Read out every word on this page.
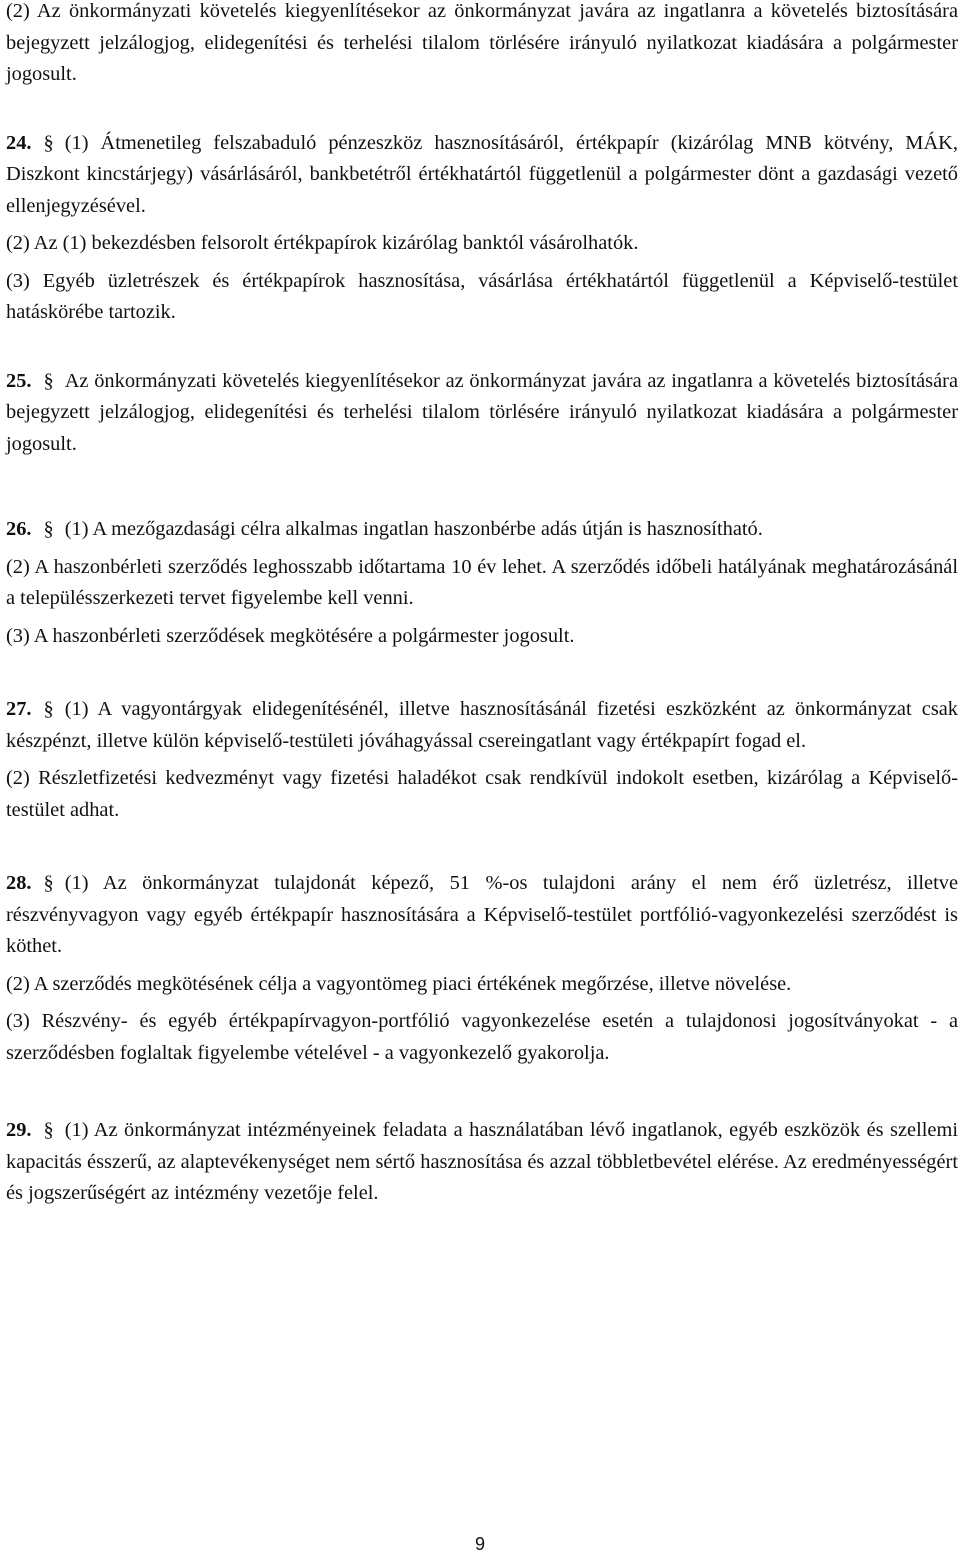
(2) Az önkormányzati követelés kiegyenlítésekor az önkormányzat javára az ingatlanra a követelés biztosítására bejegyzett jelzálogjog, elidegenítési és terhelési tilalom törlésére irányuló nyilatkozat kiadására a polgármester jogosult.

24. § (1) Átmenetileg felszabaduló pénzeszköz hasznosításáról, értékpapír (kizárólag MNB kötvény, MÁK, Diszkont kincstárjegy) vásárlásáról, bankbetétről értékhatártól függetlenül a polgármester dönt a gazdasági vezető ellenjegyzésével.

(2) Az (1) bekezdésben felsorolt értékpapírok kizárólag banktól vásárolhatók.

(3) Egyéb üzletrészek és értékpapírok hasznosítása, vásárlása értékhatártól függetlenül a Képviselő-testület hatáskörébe tartozik.

25. § Az önkormányzati követelés kiegyenlítésekor az önkormányzat javára az ingatlanra a követelés biztosítására bejegyzett jelzálogjog, elidegenítési és terhelési tilalom törlésére irányuló nyilatkozat kiadására a polgármester jogosult.

26. § (1) A mezőgazdasági célra alkalmas ingatlan haszonbérbe adás útján is hasznosítható.

(2) A haszonbérleti szerződés leghosszabb időtartama 10 év lehet. A szerződés időbeli hatályának meghatározásánál a településszerkezeti tervet figyelembe kell venni.

(3) A haszonbérleti szerződések megkötésére a polgármester jogosult.

27. § (1) A vagyontárgyak elidegenítésénél, illetve hasznosításánál fizetési eszközként az önkormányzat csak készpénzt, illetve külön képviselő-testületi jóváhagyással csereingatlant vagy értékpapírt fogad el.

(2) Részletfizetési kedvezményt vagy fizetési haladékot csak rendkívül indokolt esetben, kizárólag a Képviselő-testület adhat.

28. § (1) Az önkormányzat tulajdonát képező, 51 %-os tulajdoni arány el nem érő üzletrész, illetve részvényvagyon vagy egyéb értékpapír hasznosítására a Képviselő-testület portfólió-vagyonkezelési szerződést is köthet.

(2) A szerződés megkötésének célja a vagyontömeg piaci értékének megőrzése, illetve növelése.

(3) Részvény- és egyéb értékpapírvagyon-portfólió vagyonkezelése esetén a tulajdonosi jogosítványokat - a szerződésben foglaltak figyelembe vételével - a vagyonkezelő gyakorolja.

29. § (1) Az önkormányzat intézményeinek feladata a használatában lévő ingatlanok, egyéb eszközök és szellemi kapacitás ésszerű, az alaptevékenységet nem sértő hasznosítása és azzal többletbevétel elérése. Az eredményességért és jogszerűségért az intézmény vezetője felel.

9
